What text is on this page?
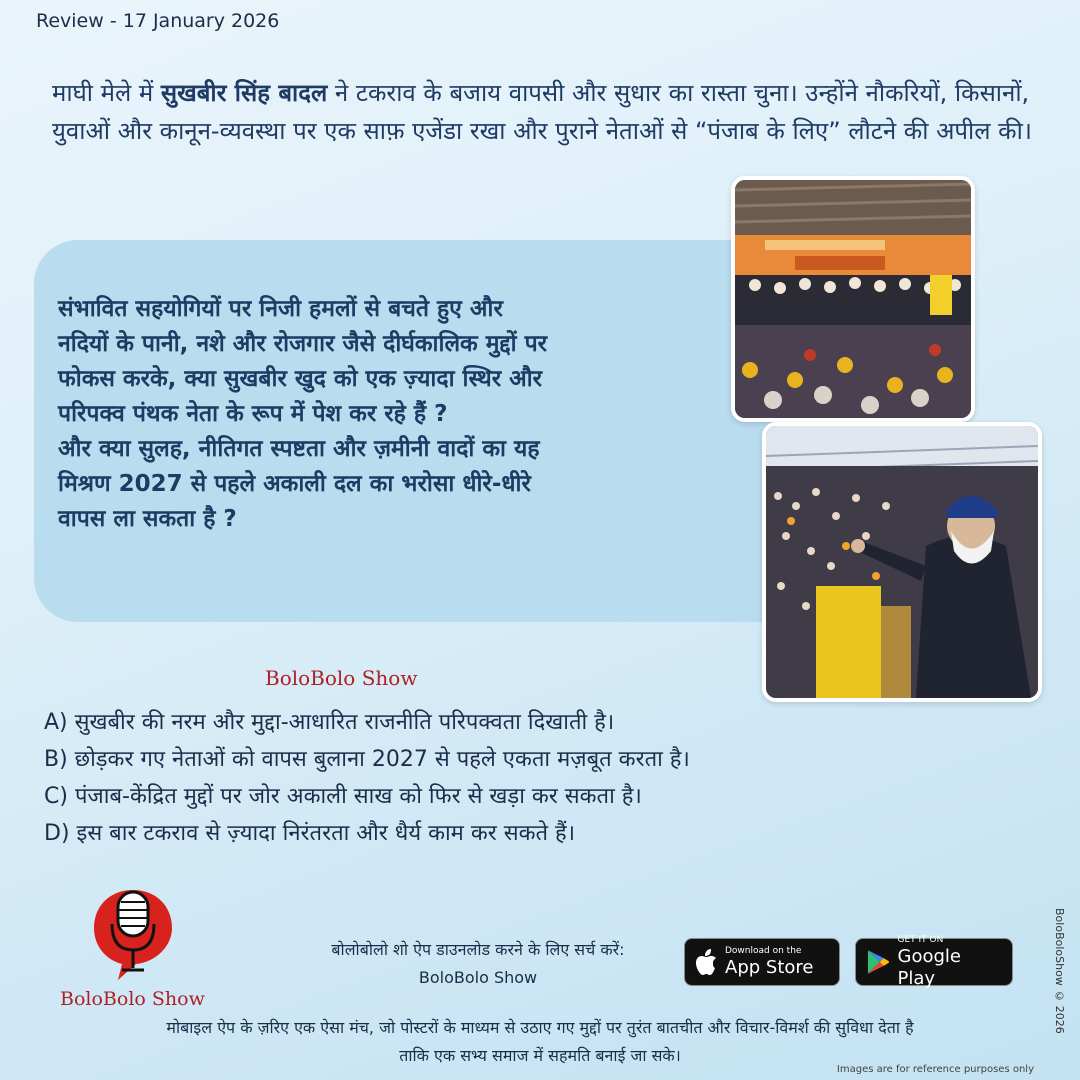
Review - 17 January 2026

माघी मेले में सुखबीर सिंह बादल ने टकराव के बजाय वापसी और सुधार का रास्ता चुना। उन्होंने नौकरियों, किसानों, युवाओं और कानून-व्यवस्था पर एक साफ़ एजेंडा रखा और पुराने नेताओं से “पंजाब के लिए” लौटने की अपील की।

संभावित सहयोगियों पर निजी हमलों से बचते हुए और
नदियों के पानी, नशे और रोजगार जैसे दीर्घकालिक मुद्दों पर
फोकस करके, क्या सुखबीर खुद को एक ज़्यादा स्थिर और
परिपक्व पंथक नेता के रूप में पेश कर रहे हैं ?
और क्या सुलह, नीतिगत स्पष्टता और ज़मीनी वादों का यह
मिश्रण 2027 से पहले अकाली दल का भरोसा धीरे-धीरे
वापस ला सकता है ?
BoloBolo Show
A) सुखबीर की नरम और मुद्दा-आधारित राजनीति परिपक्वता दिखाती है।
B) छोड़कर गए नेताओं को वापस बुलाना 2027 से पहले एकता मज़बूत करता है।
C) पंजाब-केंद्रित मुद्दों पर जोर अकाली साख को फिर से खड़ा कर सकता है।
D) इस बार टकराव से ज़्यादा निरंतरता और धैर्य काम कर सकते हैं।
BoloBolo Show
बोलोबोलो शो ऐप डाउनलोड करने के लिए सर्च करें:
BoloBolo Show
Download on the
App Store
GET IT ON
Google Play
मोबाइल ऐप के ज़रिए एक ऐसा मंच, जो पोस्टरों के माध्यम से उठाए गए मुद्दों पर तुरंत बातचीत और विचार-विमर्श की सुविधा देता है
ताकि एक सभ्य समाज में सहमति बनाई जा सके।
Images are for reference purposes only
BoloBoloShow © 2026
